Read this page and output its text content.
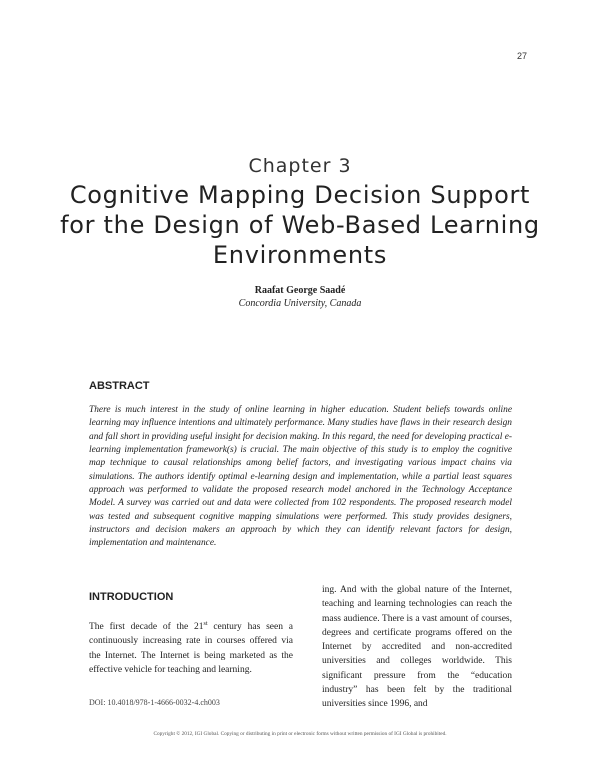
27
Chapter 3
Cognitive Mapping Decision Support for the Design of Web-Based Learning Environments
Raafat George Saadé
Concordia University, Canada
ABSTRACT

There is much interest in the study of online learning in higher education. Student beliefs towards online learning may influence intentions and ultimately performance. Many studies have flaws in their research design and fall short in providing useful insight for decision making. In this regard, the need for developing practical e-learning implementation framework(s) is crucial. The main objective of this study is to employ the cognitive map technique to causal relationships among belief factors, and investigating various impact chains via simulations. The authors identify optimal e-learning design and implementation, while a partial least squares approach was performed to validate the proposed research model anchored in the Technology Acceptance Model. A survey was carried out and data were collected from 102 respondents. The proposed research model was tested and subsequent cognitive mapping simulations were performed. This study provides designers, instructors and decision makers an approach by which they can identify relevant factors for design, implementation and maintenance.

INTRODUCTION

The first decade of the 21st century has seen a continuously increasing rate in courses offered via the Internet. The Internet is being marketed as the effective vehicle for teaching and learning.

ing. And with the global nature of the Internet, teaching and learning technologies can reach the mass audience. There is a vast amount of courses, degrees and certificate programs offered on the Internet by accredited and non-accredited universities and colleges worldwide. This significant pressure from the “education industry” has been felt by the traditional universities since 1996, and

DOI: 10.4018/978-1-4666-0032-4.ch003
Copyright © 2012, IGI Global. Copying or distributing in print or electronic forms without written permission of IGI Global is prohibited.
